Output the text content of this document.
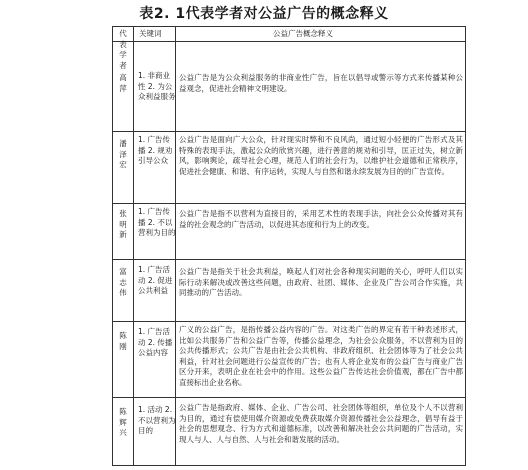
表2. 1代表学者对公益广告的概念释义
代表学者
关键词	公益广告概念释义
高萍
1. 非商业性 2. 为公众利益服务
公益广告是为公众利益服务的非商业性广告，旨在以倡导或警示等方式来传播某种公益观念，促进社会精神文明建设。
潘泽宏
1. 广告传播 2. 规劝引导公众
公益广告是面向广大公众，针对现实时弊和不良风尚，通过短小轻便的广告形式及其特殊的表现手法，激起公众的欣赏兴趣，进行善意的规劝和引导，匡正过失，树立新风，影响舆论，疏导社会心理，规范人们的社会行为，以维护社会道德和正常秩序，促进社会健康、和谐、有序运转，实现人与自然和谐永续发展为目的的广告宣传。
张明新
1. 广告传播 2. 不以营利为目的
公益广告是指不以营利为直接目的，采用艺术性的表现手法，向社会公众传播对其有益的社会观念的广告活动，以促进其态度和行为上的改变。
富志伟
1. 广告活动 2. 促进公共利益
公益广告是指关于社会共利益，唤起人们对社会各种现实问题的关心，呼吁人们以实际行动来解决或改善这些问题，由政府、社团、媒体、企业及广告公司合作实施，共同推动的广告活动。
陈刚
1. 广告活动 2. 传播公益内容
广义的公益广告，是指传播公益内容的广告。对这类广告的界定有若干种表述形式，比如公共服务广告和公益广告等，传播公益理念，为社会公众服务，不以营利为目的公共传播形式；公共广告是由社会公共机构、非政府组织、社会团体等为了社会公共利益，针对社会问题进行公益宣传的广告；也有人将企业发布的公益广告与商业广告区分开来，表明企业在社会中的作用。这些公益广告传达社会价值观，都在广告中都直接标出企业名称。
陈辉兴
1. 活动 2. 不以营利为目的
公益广告是指政府、媒体、企业、广告公司、社会团体等组织，单位及个人不以营利为目的，通过有偿使用媒介资源或免费获取媒介资源传播社会公益理念，倡导有益于社会的思想观念、行为方式和道德标准，以改善和解决社会公共问题的广告活动，实现人与人、人与自然、人与社会和谐发展的活动。
